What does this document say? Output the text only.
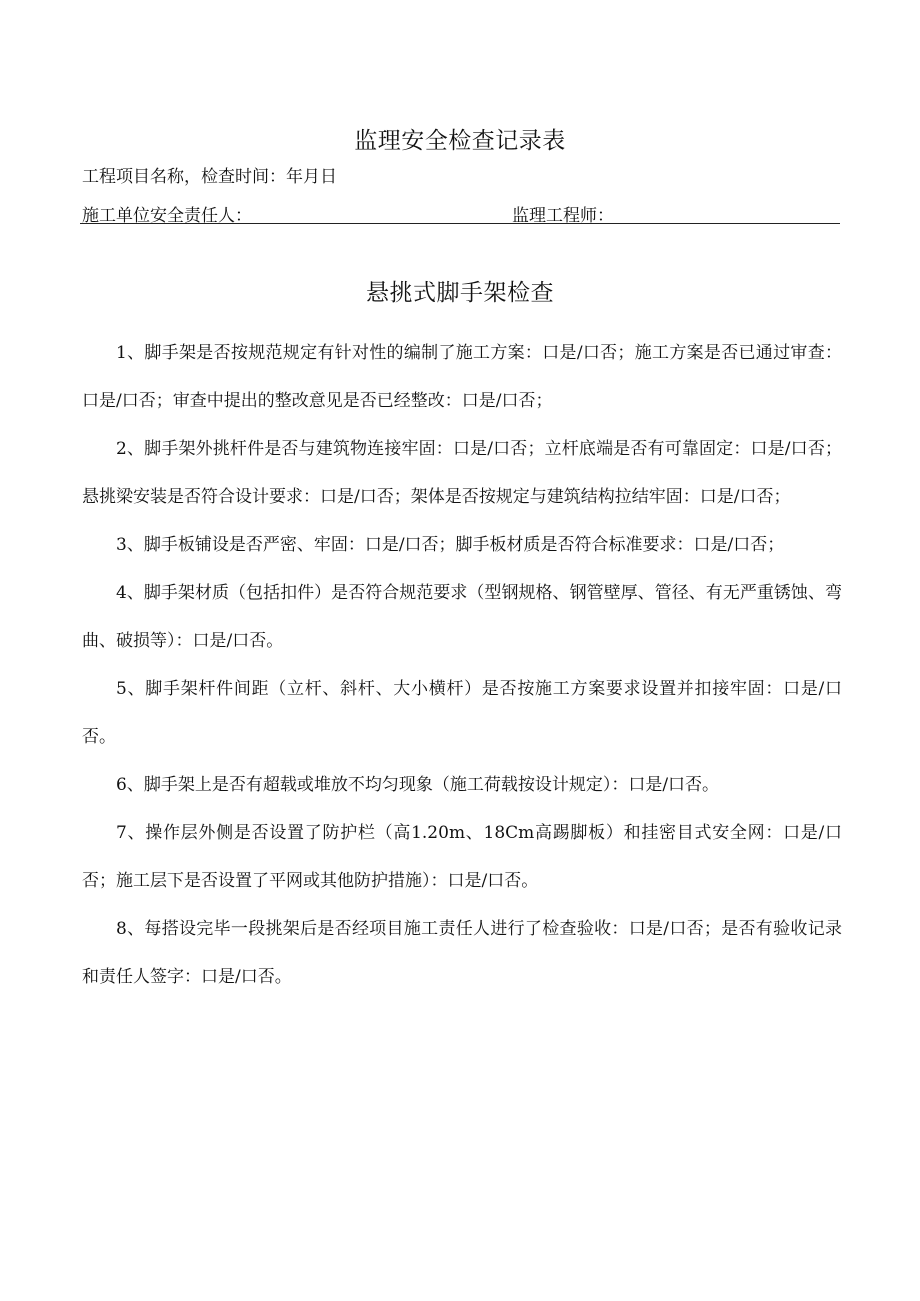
监理安全检查记录表
工程项目名称，检查时间：年月日
施工单位安全责任人：	监理工程师：
悬挑式脚手架检查

1、脚手架是否按规范规定有针对性的编制了施工方案：口是/口否；施工方案是否已通过审查：口是/口否；审查中提出的整改意见是否已经整改：口是/口否；

2、脚手架外挑杆件是否与建筑物连接牢固：口是/口否；立杆底端是否有可靠固定：口是/口否；悬挑梁安装是否符合设计要求：口是/口否；架体是否按规定与建筑结构拉结牢固：口是/口否；

3、脚手板铺设是否严密、牢固：口是/口否；脚手板材质是否符合标准要求：口是/口否；

4、脚手架材质（包括扣件）是否符合规范要求（型钢规格、钢管壁厚、管径、有无严重锈蚀、弯曲、破损等）：口是/口否。

5、脚手架杆件间距（立杆、斜杆、大小横杆）是否按施工方案要求设置并扣接牢固：口是/口否。

6、脚手架上是否有超载或堆放不均匀现象（施工荷载按设计规定）：口是/口否。

7、操作层外侧是否设置了防护栏（高1.20m、18Cm高踢脚板）和挂密目式安全网：口是/口否；施工层下是否设置了平网或其他防护措施）：口是/口否。

8、每搭设完毕一段挑架后是否经项目施工责任人进行了检查验收：口是/口否；是否有验收记录和责任人签字：口是/口否。
